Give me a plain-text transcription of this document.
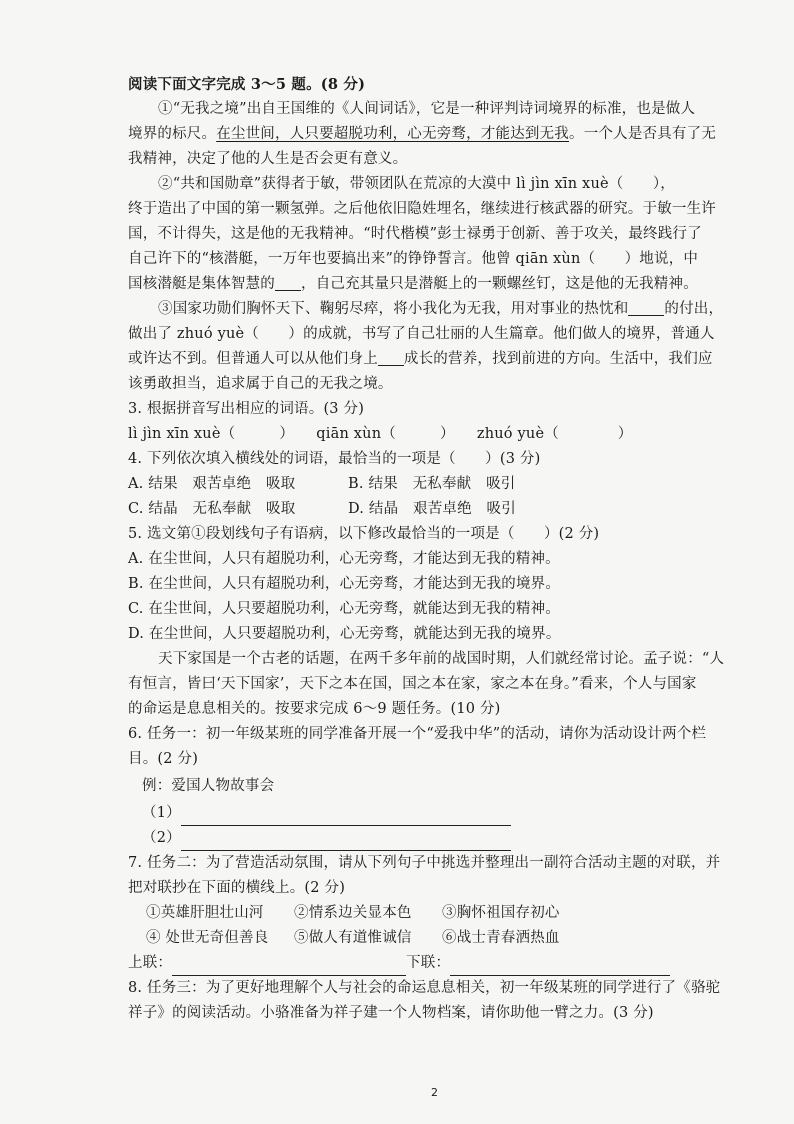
阅读下面文字完成 3～5 题。(8 分)
①“无我之境”出自王国维的《人间词话》，它是一种评判诗词境界的标准，也是做人
境界的标尺。在尘世间，人只要超脱功利，心无旁骛，才能达到无我。一个人是否具有了无
我精神，决定了他的人生是否会更有意义。
②“共和国勋章”获得者于敏，带领团队在荒凉的大漠中 lì jìn xīn xuè（　　），
终于造出了中国的第一颗氢弹。之后他依旧隐姓埋名，继续进行核武器的研究。于敏一生许
国，不计得失，这是他的无我精神。“时代楷模”彭士禄勇于创新、善于攻关，最终践行了
自己许下的“核潜艇，一万年也要搞出来”的铮铮誓言。他曾 qiān xùn（　　）地说，中
国核潜艇是集体智慧的 ，自己充其量只是潜艇上的一颗螺丝钉，这是他的无我精神。
③国家功勋们胸怀天下、鞠躬尽瘁，将小我化为无我，用对事业的热忱和 的付出，
做出了 zhuó yuè（　　）的成就，书写了自己壮丽的人生篇章。他们做人的境界，普通人
或许达不到。但普通人可以从他们身上 成长的营养，找到前进的方向。生活中，我们应
该勇敢担当，追求属于自己的无我之境。
3. 根据拼音写出相应的词语。(3 分)
lì jìn xīn xuè（　　　）　　qiān xùn（　　　）　　zhuó yuè（　　　　）
4. 下列依次填入横线处的词语，最恰当的一项是（　　）(3 分)
A. 结果　艰苦卓绝　吸取	B. 结果　无私奉献　吸引
C. 结晶　无私奉献　吸取	D. 结晶　艰苦卓绝　吸引
5. 选文第①段划线句子有语病，以下修改最恰当的一项是（　　）(2 分)
A. 在尘世间，人只有超脱功利，心无旁骛，才能达到无我的精神。
B. 在尘世间，人只有超脱功利，心无旁骛，才能达到无我的境界。
C. 在尘世间，人只要超脱功利，心无旁骛，就能达到无我的精神。
D. 在尘世间，人只要超脱功利，心无旁骛，就能达到无我的境界。
天下家国是一个古老的话题，在两千多年前的战国时期，人们就经常讨论。孟子说：“人
有恒言，皆曰‘天下国家’，天下之本在国，国之本在家，家之本在身。”看来，个人与国家
的命运是息息相关的。按要求完成 6～9 题任务。(10 分)
6. 任务一：初一年级某班的同学准备开展一个“爱我中华”的活动，请你为活动设计两个栏
目。(2 分)
例：爱国人物故事会
（1）
（2）
7. 任务二：为了营造活动氛围，请从下列句子中挑选并整理出一副符合活动主题的对联，并
把对联抄在下面的横线上。(2 分)
①英雄肝胆壮山河	②情系边关显本色	③胸怀祖国存初心
④ 处世无奇但善良	⑤做人有道惟诚信	⑥战士青春洒热血
上联：	下联：
8. 任务三：为了更好地理解个人与社会的命运息息相关，初一年级某班的同学进行了《骆驼
祥子》的阅读活动。小骆准备为祥子建一个人物档案，请你助他一臂之力。(3 分)
2
